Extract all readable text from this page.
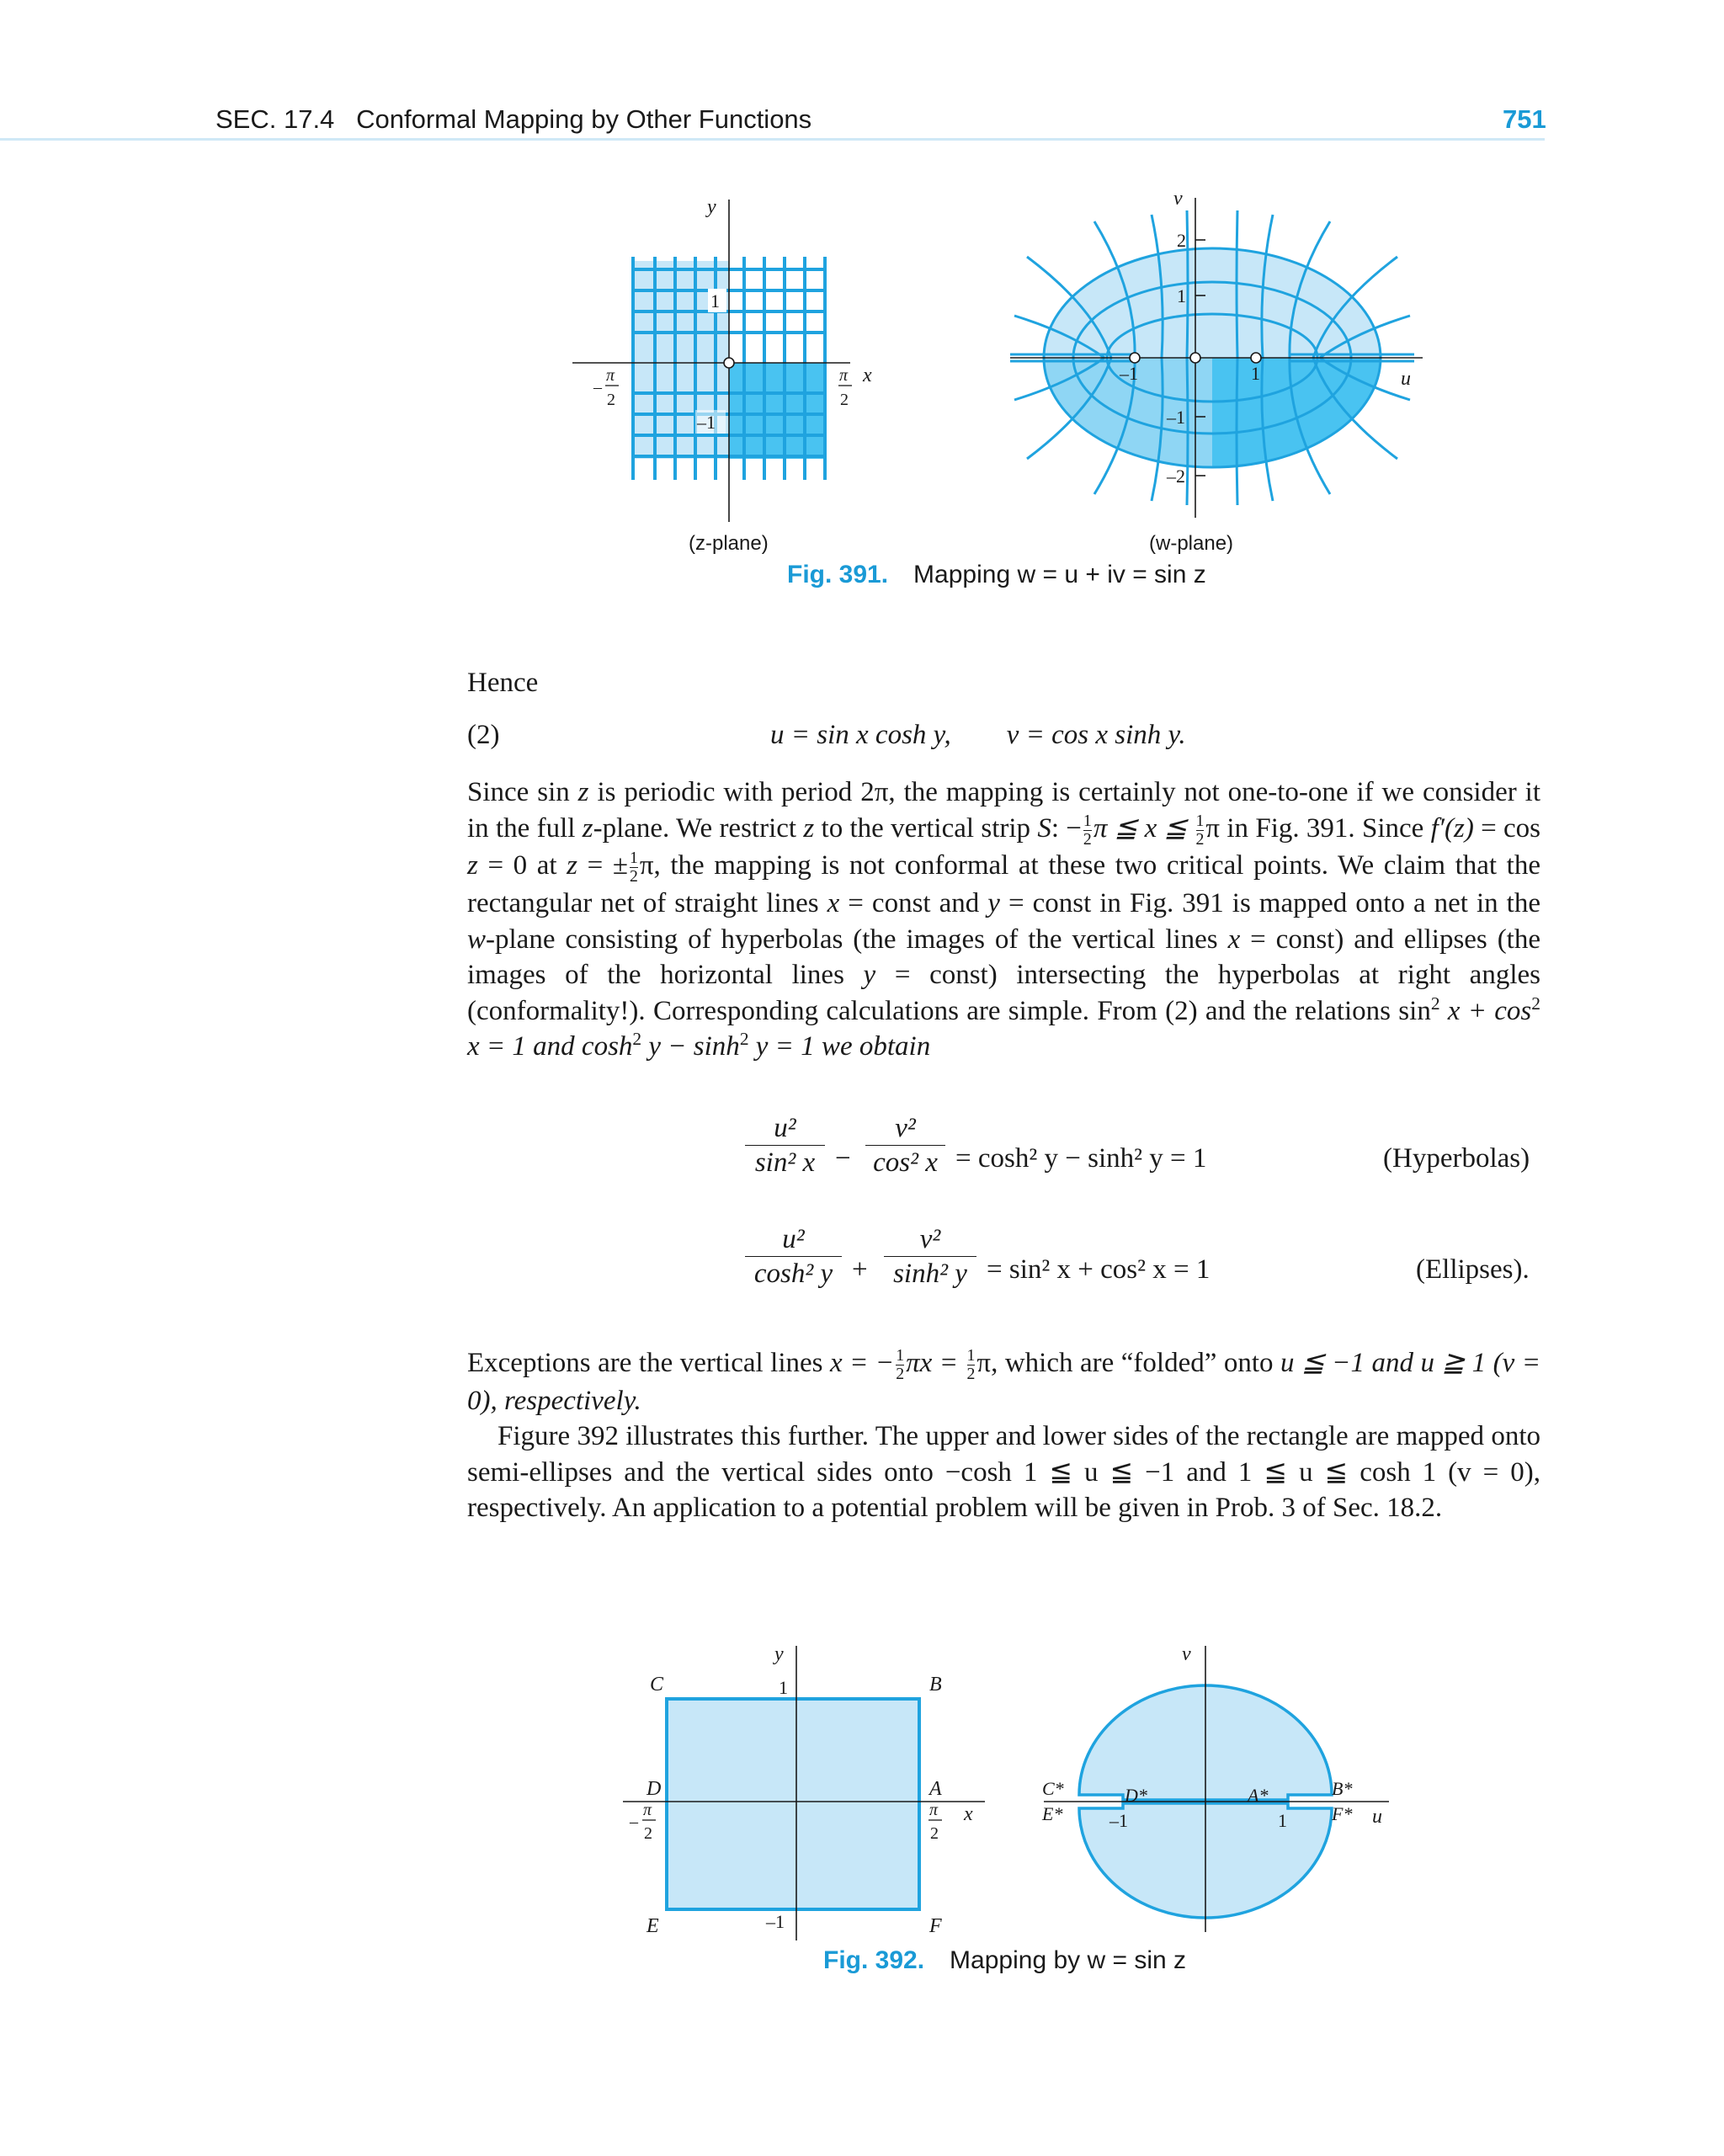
SEC. 17.4   Conformal Mapping by Other Functions	751
y
x
1
–1
π
2
–
π
2
(z-plane)
v
u
2
1
–1
–2
–1	1
(w-plane)
Fig. 391. Mapping w = u + iv = sin z

Hence

(2)	u = sin x cosh y,        v = cos x sinh y.

Since sin z is periodic with period 2π, the mapping is certainly not one-to-one if we consider it in the full z-plane. We restrict z to the vertical strip S: − $\frac{1}{2}$ π ≦ x ≦ $\frac{1}{2}$ π in Fig. 391. Since f′(z) = cos z = 0 at z = ± $\frac{1}{2} \pi$, the mapping is not conformal at these two critical points. We claim that the rectangular net of straight lines x = const and y = const in Fig. 391 is mapped onto a net in the w-plane consisting of hyperbolas (the images of the vertical lines x = const) and ellipses (the images of the horizontal lines y = const) intersecting the hyperbolas at right angles (conformality!). Corresponding calculations are simple. From (2) and the relations $\sin^2 x + \cos^2 x = 1$ and $\cosh^2 y - \sinh^2 y = 1$ we obtain

u²
sin² x −
v²
cos² x = cosh² y − sinh² y = 1	(Hyperbolas)
u²
cosh² y +
v²
sinh² y = sin² x + cos² x = 1	(Ellipses).

Exceptions are the vertical lines x = − $\frac{1}{2}$ $\pi x = \frac{1}{2} \pi$, which are “folded” onto u ≦ −1 and u ≧ 1 (v = 0), respectively.

Figure 392 illustrates this further. The upper and lower sides of the rectangle are mapped onto semi-ellipses and the vertical sides onto −cosh 1 ≦ u ≦ −1 and 1 ≦ u ≦ cosh 1 (v = 0), respectively. An application to a potential problem will be given in Prob. 3 of Sec. 18.2.

y
1
–1
x
C	B
D	A
E	F
π
2
–
π
2
v
u
C*
E*
D*	A*	B*
F*
–1	1
Fig. 392. Mapping by w = sin z
